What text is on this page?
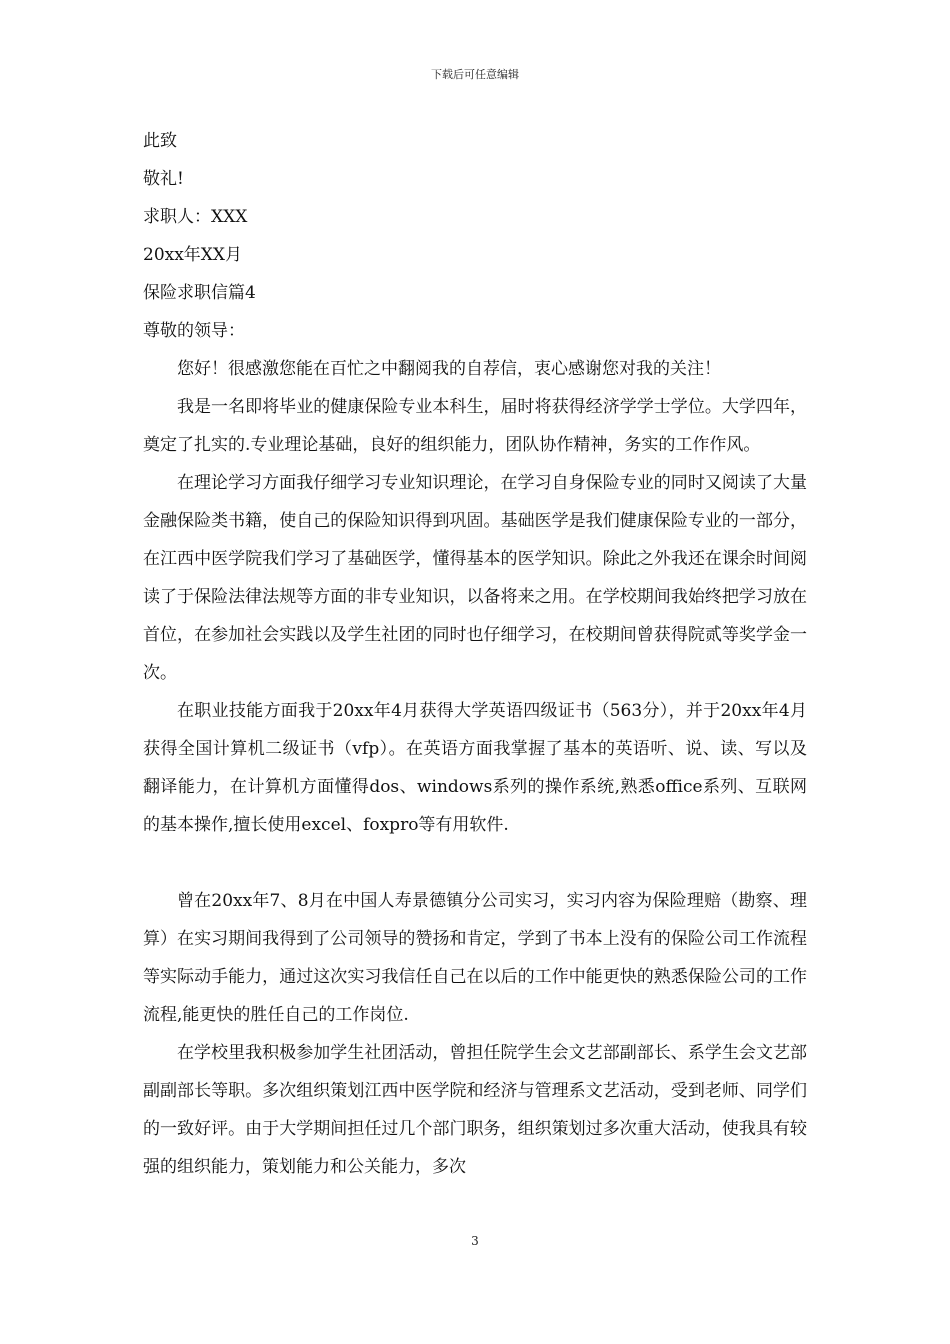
下载后可任意编辑

此致

敬礼!

求职人：XXX

20xx年XX月

保险求职信篇4

尊敬的领导：

您好！很感激您能在百忙之中翻阅我的自荐信，衷心感谢您对我的关注！

我是一名即将毕业的健康保险专业本科生，届时将获得经济学学士学位。大学四年，奠定了扎实的.专业理论基础，良好的组织能力，团队协作精神，务实的工作作风。

在理论学习方面我仔细学习专业知识理论，在学习自身保险专业的同时又阅读了大量金融保险类书籍，使自己的保险知识得到巩固。基础医学是我们健康保险专业的一部分，在江西中医学院我们学习了基础医学，懂得基本的医学知识。除此之外我还在课余时间阅读了于保险法律法规等方面的非专业知识，以备将来之用。在学校期间我始终把学习放在首位，在参加社会实践以及学生社团的同时也仔细学习，在校期间曾获得院贰等奖学金一次。

在职业技能方面我于20xx年4月获得大学英语四级证书（563分），并于20xx年4月获得全国计算机二级证书（vfp）。在英语方面我掌握了基本的英语听、说、读、写以及翻译能力，在计算机方面懂得dos、windows系列的操作系统,熟悉office系列、互联网的基本操作,擅长使用excel、foxpro等有用软件.

曾在20xx年7、8月在中国人寿景德镇分公司实习，实习内容为保险理赔（勘察、理算）在实习期间我得到了公司领导的赞扬和肯定，学到了书本上没有的保险公司工作流程等实际动手能力，通过这次实习我信任自己在以后的工作中能更快的熟悉保险公司的工作流程,能更快的胜任自己的工作岗位.

在学校里我积极参加学生社团活动，曾担任院学生会文艺部副部长、系学生会文艺部副副部长等职。多次组织策划江西中医学院和经济与管理系文艺活动，受到老师、同学们的一致好评。由于大学期间担任过几个部门职务，组织策划过多次重大活动，使我具有较强的组织能力，策划能力和公关能力，多次

3
